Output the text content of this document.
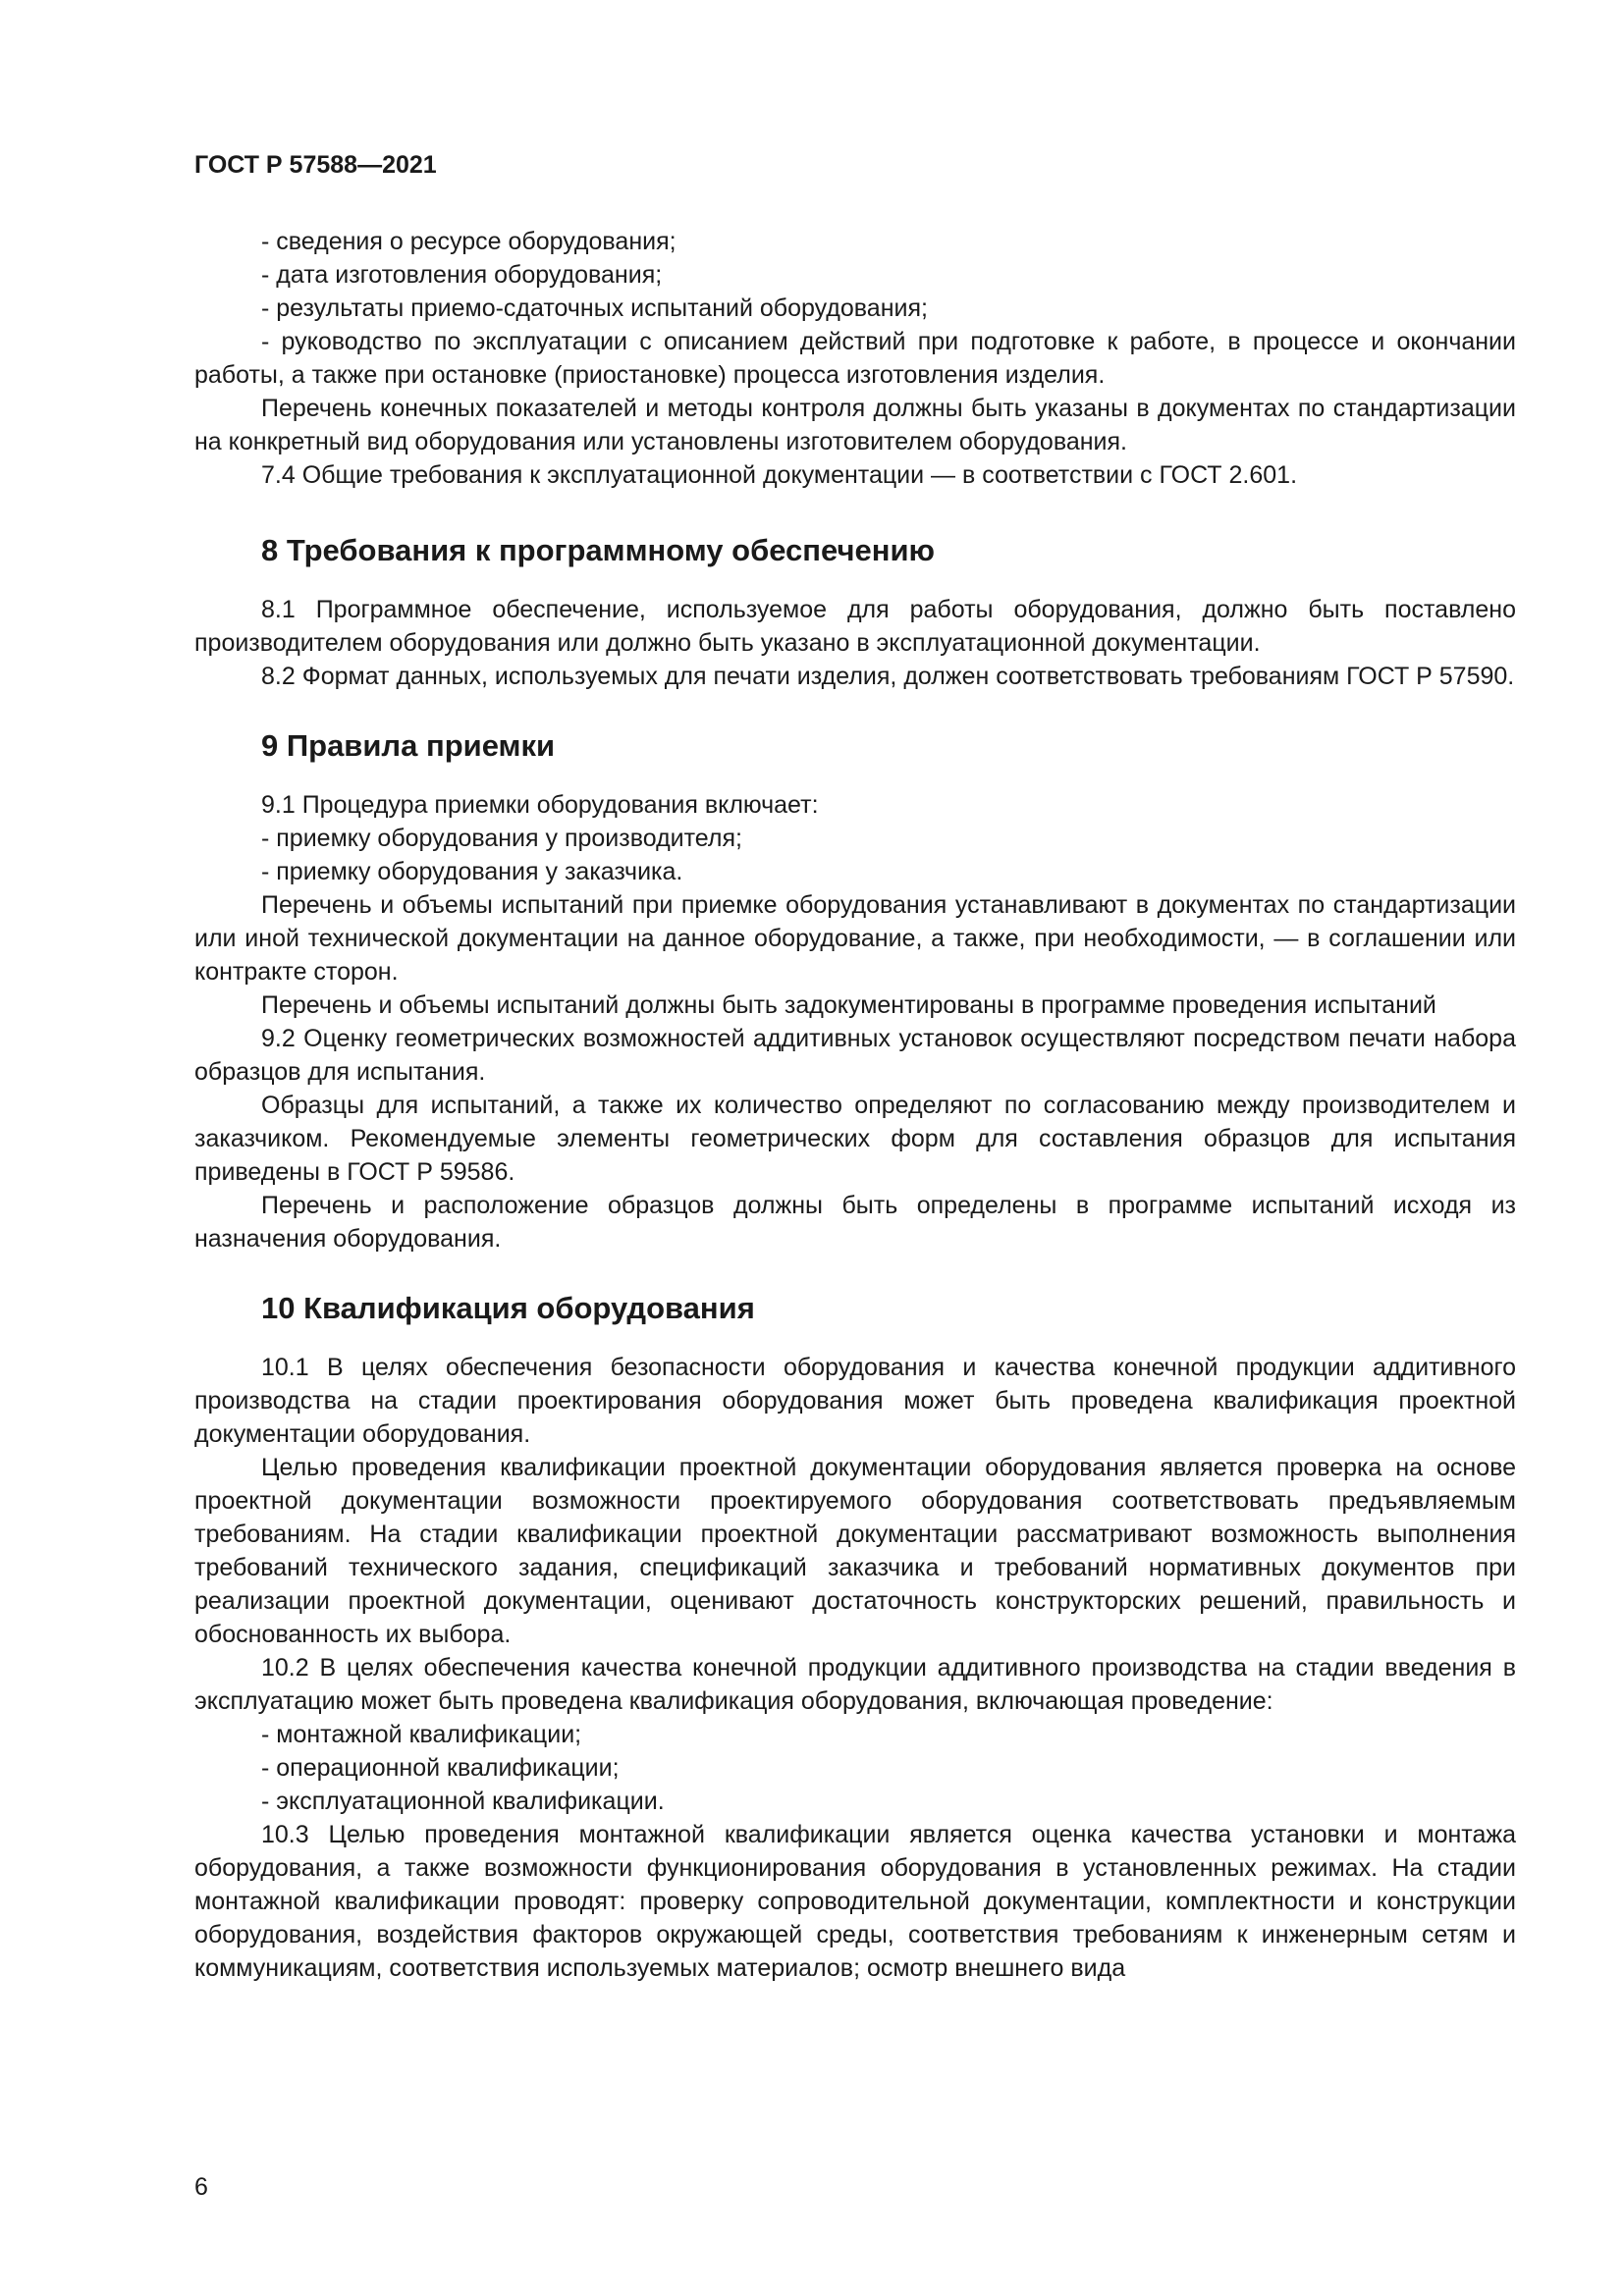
ГОСТ Р 57588—2021

- сведения о ресурсе оборудования;

- дата изготовления оборудования;

- результаты приемо-сдаточных испытаний оборудования;

- руководство по эксплуатации с описанием действий при подготовке к работе, в процессе и окончании работы, а также при остановке (приостановке) процесса изготовления изделия.

Перечень конечных показателей и методы контроля должны быть указаны в документах по стандартизации на конкретный вид оборудования или установлены изготовителем оборудования.

7.4 Общие требования к эксплуатационной документации — в соответствии с ГОСТ 2.601.

8 Требования к программному обеспечению

8.1 Программное обеспечение, используемое для работы оборудования, должно быть поставлено производителем оборудования или должно быть указано в эксплуатационной документации.

8.2 Формат данных, используемых для печати изделия, должен соответствовать требованиям ГОСТ Р 57590.

9 Правила приемки

9.1 Процедура приемки оборудования включает:

- приемку оборудования у производителя;

- приемку оборудования у заказчика.

Перечень и объемы испытаний при приемке оборудования устанавливают в документах по стандартизации или иной технической документации на данное оборудование, а также, при необходимости, — в соглашении или контракте сторон.

Перечень и объемы испытаний должны быть задокументированы в программе проведения испытаний

9.2 Оценку геометрических возможностей аддитивных установок осуществляют посредством печати набора образцов для испытания.

Образцы для испытаний, а также их количество определяют по согласованию между производителем и заказчиком. Рекомендуемые элементы геометрических форм для составления образцов для испытания приведены в ГОСТ Р 59586.

Перечень и расположение образцов должны быть определены в программе испытаний исходя из назначения оборудования.

10 Квалификация оборудования

10.1 В целях обеспечения безопасности оборудования и качества конечной продукции аддитивного производства на стадии проектирования оборудования может быть проведена квалификация проектной документации оборудования.

Целью проведения квалификации проектной документации оборудования является проверка на основе проектной документации возможности проектируемого оборудования соответствовать предъявляемым требованиям. На стадии квалификации проектной документации рассматривают возможность выполнения требований технического задания, спецификаций заказчика и требований нормативных документов при реализации проектной документации, оценивают достаточность конструкторских решений, правильность и обоснованность их выбора.

10.2 В целях обеспечения качества конечной продукции аддитивного производства на стадии введения в эксплуатацию может быть проведена квалификация оборудования, включающая проведение:

- монтажной квалификации;

- операционной квалификации;

- эксплуатационной квалификации.

10.3 Целью проведения монтажной квалификации является оценка качества установки и монтажа оборудования, а также возможности функционирования оборудования в установленных режимах. На стадии монтажной квалификации проводят: проверку сопроводительной документации, комплектности и конструкции оборудования, воздействия факторов окружающей среды, соответствия требованиям к инженерным сетям и коммуникациям, соответствия используемых материалов; осмотр внешнего вида

6
